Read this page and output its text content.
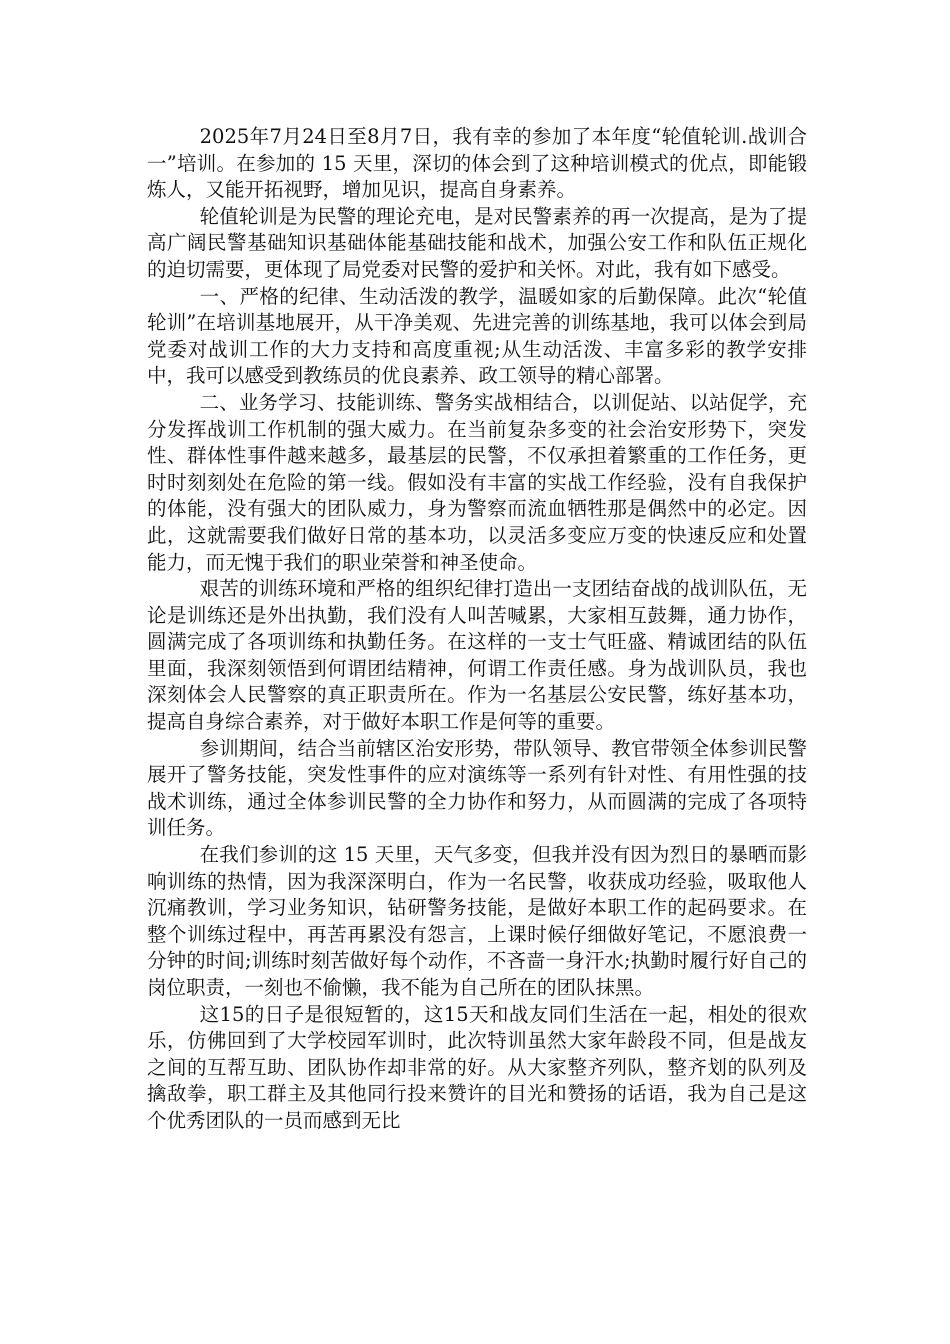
2025年7月24日至8月7日，我有幸的参加了本年度“轮值轮训.战训合一”培训。在参加的 15 天里，深切的体会到了这种培训模式的优点，即能锻炼人，又能开拓视野，增加见识，提高自身素养。

轮值轮训是为民警的理论充电，是对民警素养的再一次提高，是为了提高广阔民警基础知识基础体能基础技能和战术，加强公安工作和队伍正规化的迫切需要，更体现了局党委对民警的爱护和关怀。对此，我有如下感受。

一、严格的纪律、生动活泼的教学，温暖如家的后勤保障。此次“轮值轮训”在培训基地展开，从干净美观、先进完善的训练基地，我可以体会到局党委对战训工作的大力支持和高度重视;从生动活泼、丰富多彩的教学安排中，我可以感受到教练员的优良素养、政工领导的精心部署。

二、业务学习、技能训练、警务实战相结合，以训促站、以站促学，充分发挥战训工作机制的强大威力。在当前复杂多变的社会治安形势下，突发性、群体性事件越来越多，最基层的民警，不仅承担着繁重的工作任务，更时时刻刻处在危险的第一线。假如没有丰富的实战工作经验，没有自我保护的体能，没有强大的团队威力，身为警察而流血牺牲那是偶然中的必定。因此，这就需要我们做好日常的基本功，以灵活多变应万变的快速反应和处置能力，而无愧于我们的职业荣誉和神圣使命。

艰苦的训练环境和严格的组织纪律打造出一支团结奋战的战训队伍，无论是训练还是外出执勤，我们没有人叫苦喊累，大家相互鼓舞，通力协作，圆满完成了各项训练和执勤任务。在这样的一支士气旺盛、精诚团结的队伍里面，我深刻领悟到何谓团结精神，何谓工作责任感。身为战训队员，我也深刻体会人民警察的真正职责所在。作为一名基层公安民警，练好基本功，提高自身综合素养，对于做好本职工作是何等的重要。

参训期间，结合当前辖区治安形势，带队领导、教官带领全体参训民警展开了警务技能，突发性事件的应对演练等一系列有针对性、有用性强的技战术训练，通过全体参训民警的全力协作和努力，从而圆满的完成了各项特训任务。

在我们参训的这 15 天里，天气多变，但我并没有因为烈日的暴晒而影响训练的热情，因为我深深明白，作为一名民警，收获成功经验，吸取他人沉痛教训，学习业务知识，钻研警务技能，是做好本职工作的起码要求。在整个训练过程中，再苦再累没有怨言，上课时候仔细做好笔记，不愿浪费一分钟的时间;训练时刻苦做好每个动作，不吝啬一身汗水;执勤时履行好自己的岗位职责，一刻也不偷懒，我不能为自己所在的团队抹黑。

这15的日子是很短暂的，这15天和战友同们生活在一起，相处的很欢乐，仿佛回到了大学校园军训时，此次特训虽然大家年龄段不同，但是战友之间的互帮互助、团队协作却非常的好。从大家整齐列队，整齐划的队列及擒敌拳，职工群主及其他同行投来赞许的目光和赞扬的话语，我为自己是这个优秀团队的一员而感到无比
